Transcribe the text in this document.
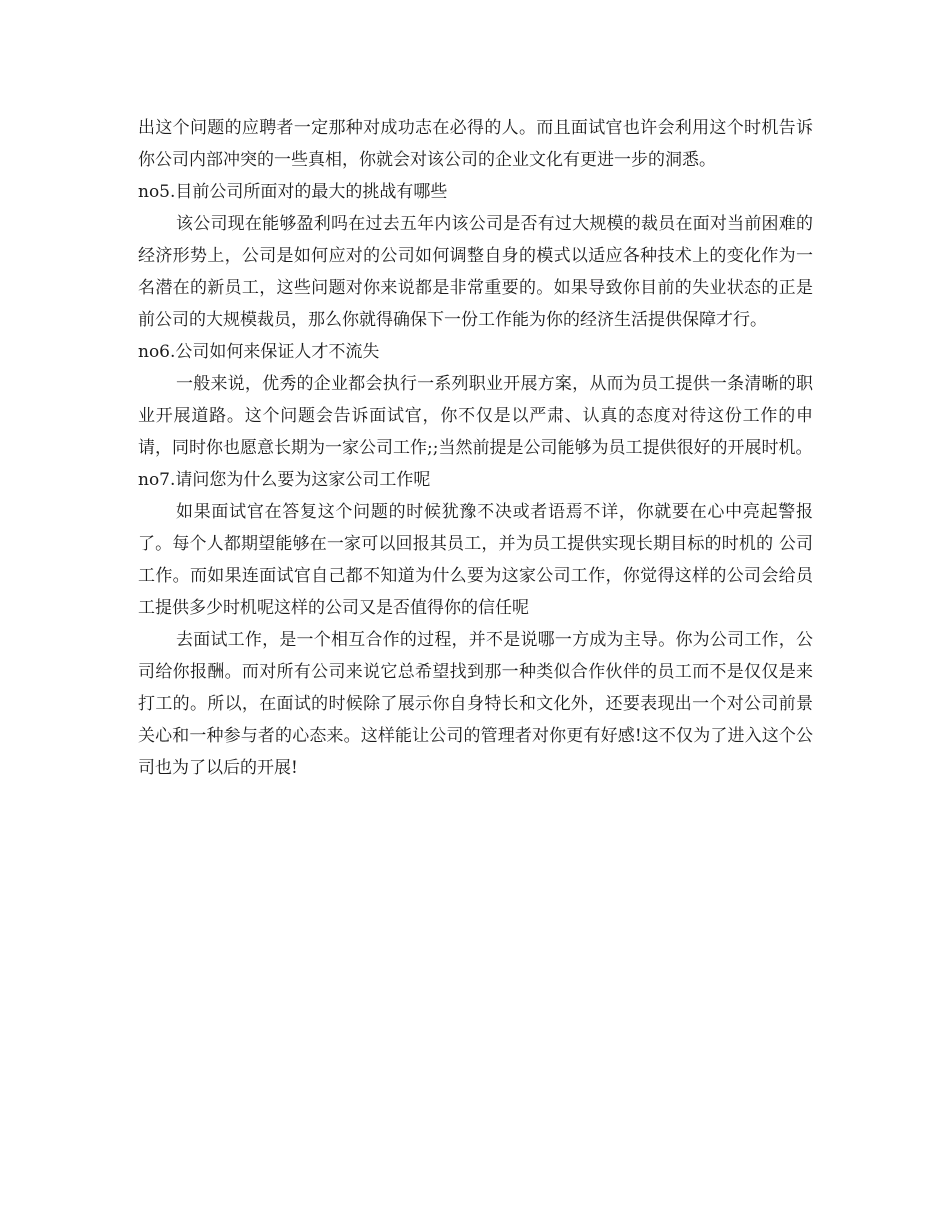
出这个问题的应聘者一定那种对成功志在必得的人。而且面试官也许会利用这个时机告诉你公司内部冲突的一些真相，你就会对该公司的企业文化有更进一步的洞悉。

no5.目前公司所面对的最大的挑战有哪些

该公司现在能够盈利吗在过去五年内该公司是否有过大规模的裁员在面对当前困难的经济形势上，公司是如何应对的公司如何调整自身的模式以适应各种技术上的变化作为一名潜在的新员工，这些问题对你来说都是非常重要的。如果导致你目前的失业状态的正是前公司的大规模裁员，那么你就得确保下一份工作能为你的经济生活提供保障才行。

no6.公司如何来保证人才不流失

一般来说，优秀的企业都会执行一系列职业开展方案，从而为员工提供一条清晰的职业开展道路。这个问题会告诉面试官，你不仅是以严肃、认真的态度对待这份工作的申请，同时你也愿意长期为一家公司工作;;当然前提是公司能够为员工提供很好的开展时机。

no7.请问您为什么要为这家公司工作呢

如果面试官在答复这个问题的时候犹豫不决或者语焉不详，你就要在心中亮起警报了。每个人都期望能够在一家可以回报其员工，并为员工提供实现长期目标的时机的 公司工作。而如果连面试官自己都不知道为什么要为这家公司工作，你觉得这样的公司会给员工提供多少时机呢这样的公司又是否值得你的信任呢

去面试工作，是一个相互合作的过程，并不是说哪一方成为主导。你为公司工作，公司给你报酬。而对所有公司来说它总希望找到那一种类似合作伙伴的员工而不是仅仅是来打工的。所以，在面试的时候除了展示你自身特长和文化外，还要表现出一个对公司前景关心和一种参与者的心态来。这样能让公司的管理者对你更有好感!这不仅为了进入这个公司也为了以后的开展!
